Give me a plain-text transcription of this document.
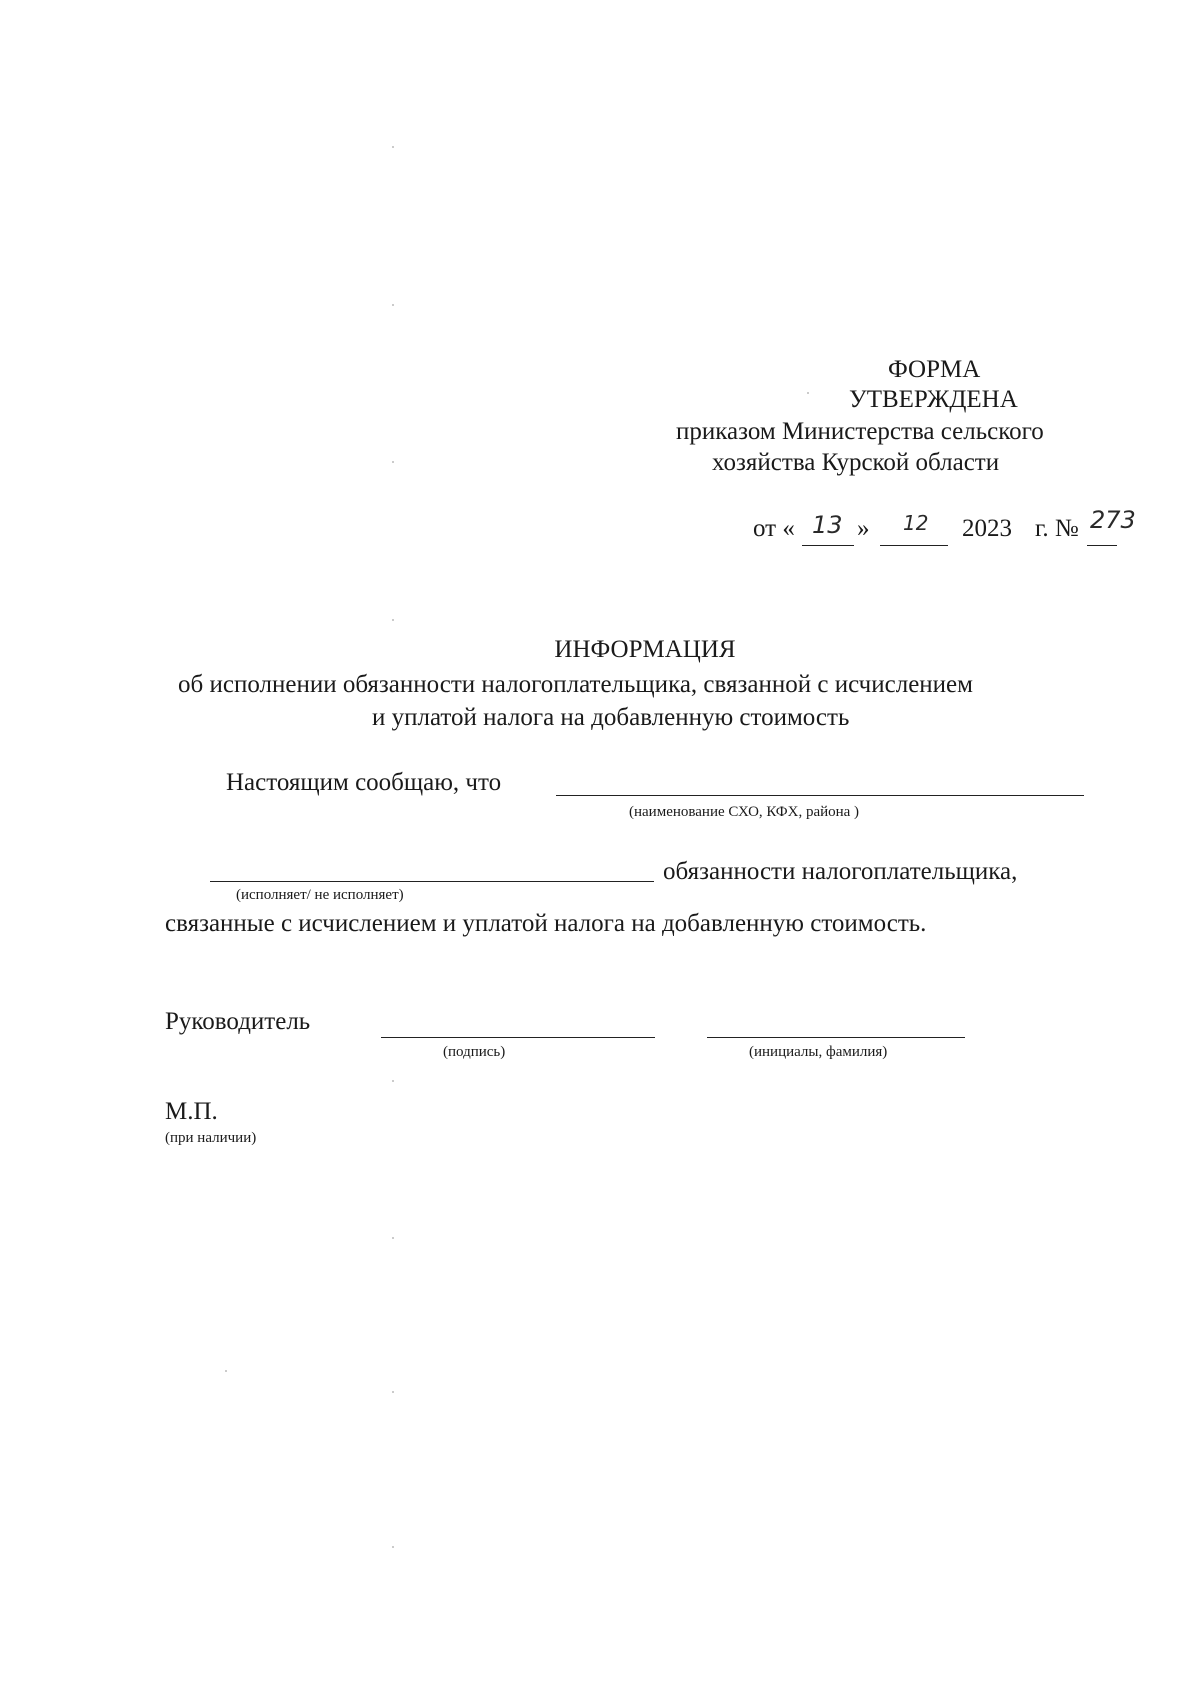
ФОРМА
УТВЕРЖДЕНА
приказом Министерства сельского
хозяйства Курской области
от « 13 » 12 2023 г. № 273
ИНФОРМАЦИЯ
об исполнении обязанности налогоплательщика, связанной с исчислением
и уплатой налога на добавленную стоимость
Настоящим сообщаю, что
(наименование СХО, КФХ, района )
обязанности налогоплательщика,
(исполняет/ не исполняет)
связанные с исчислением и уплатой налога на добавленную стоимость.
Руководитель
(подпись)	(инициалы, фамилия)
М.П.
(при наличии)
